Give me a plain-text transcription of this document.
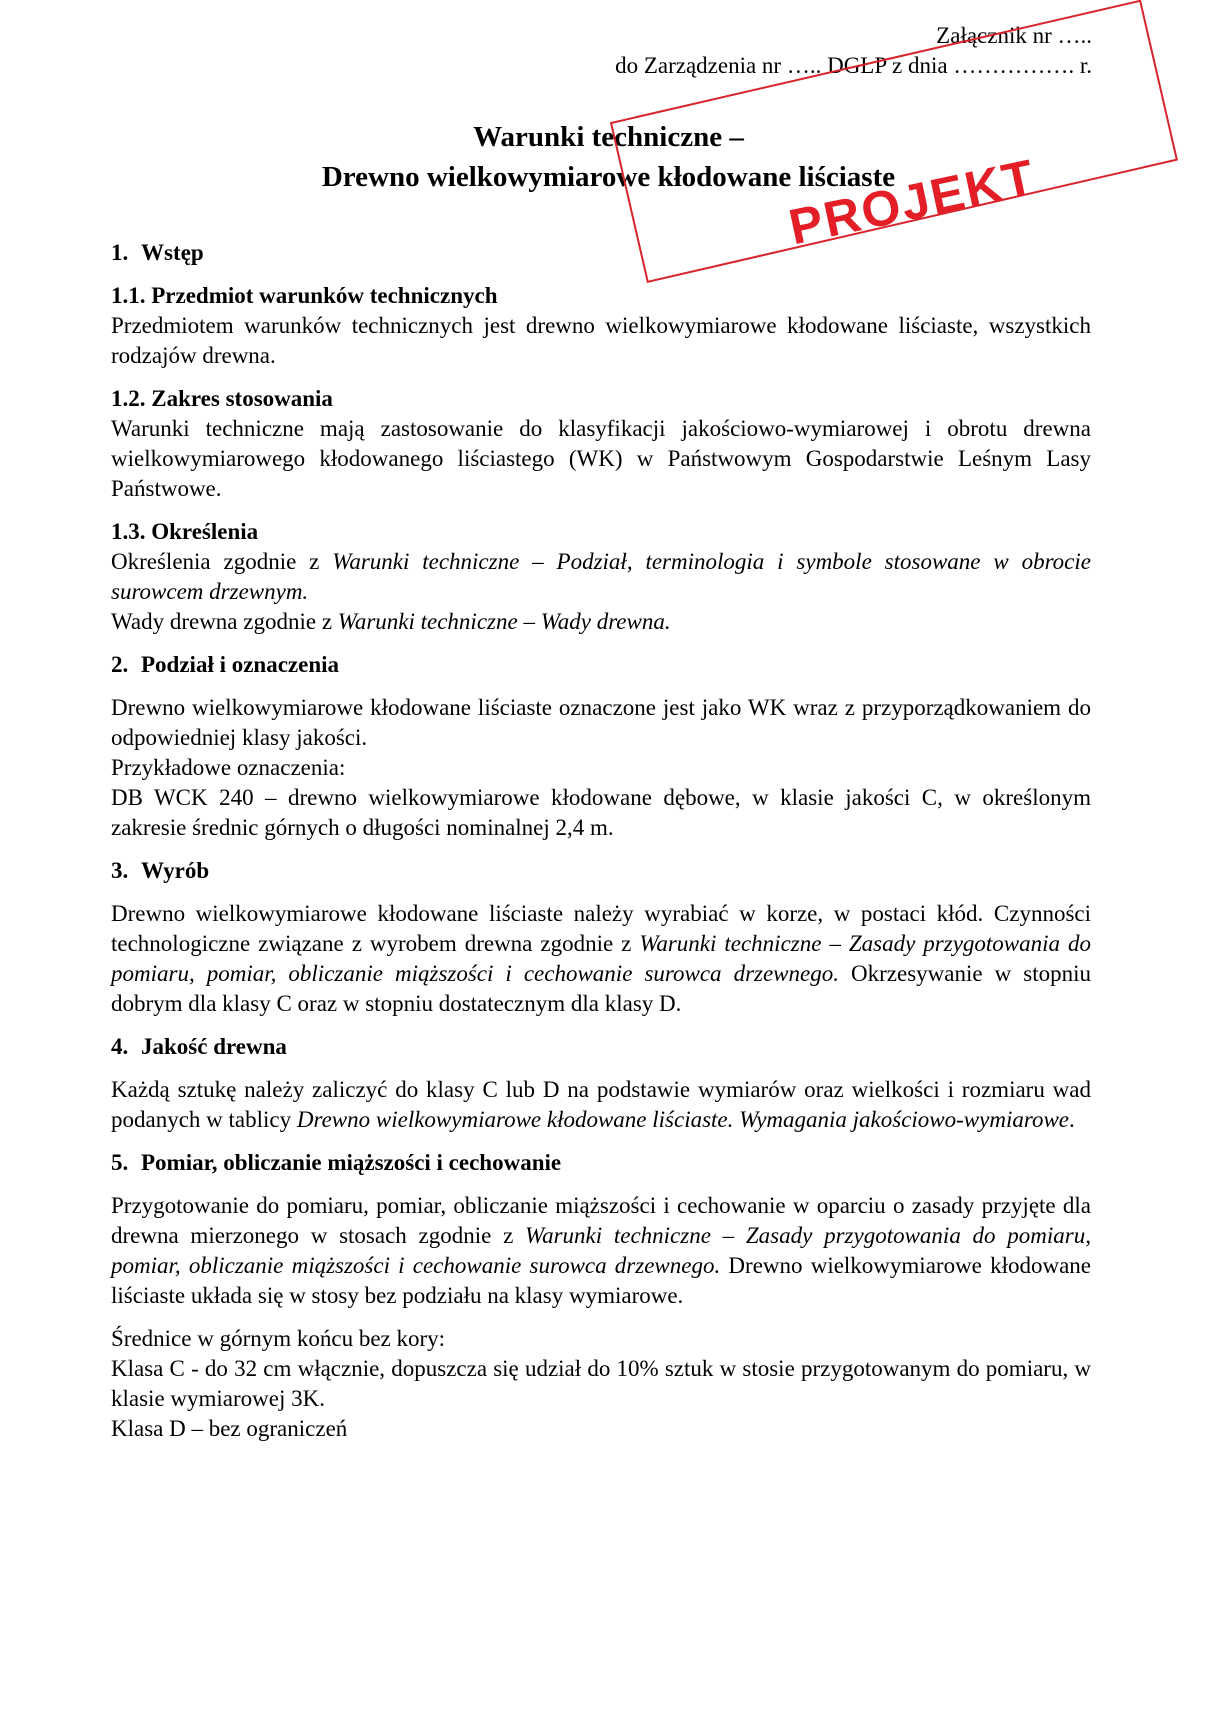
Załącznik nr …..
do Zarządzenia nr ….. DGLP z dnia ……………. r.
Warunki techniczne –
Drewno wielkowymiarowe kłodowane liściaste
1. Wstęp
1.1. Przedmiot warunków technicznych

Przedmiotem warunków technicznych jest drewno wielkowymiarowe kłodowane liściaste, wszystkich rodzajów drewna.

1.2. Zakres stosowania

Warunki techniczne mają zastosowanie do klasyfikacji jakościowo-wymiarowej i obrotu drewna wielkowymiarowego kłodowanego liściastego (WK) w Państwowym Gospodarstwie Leśnym Lasy Państwowe.

1.3. Określenia

Określenia zgodnie z Warunki techniczne – Podział, terminologia i symbole stosowane w obrocie surowcem drzewnym.

Wady drewna zgodnie z Warunki techniczne – Wady drewna.

2. Podział i oznaczenia

Drewno wielkowymiarowe kłodowane liściaste oznaczone jest jako WK wraz z przyporządkowaniem do odpowiedniej klasy jakości.

Przykładowe oznaczenia:

DB WCK 240 – drewno wielkowymiarowe kłodowane dębowe, w klasie jakości C, w określonym zakresie średnic górnych o długości nominalnej 2,4 m.

3. Wyrób

Drewno wielkowymiarowe kłodowane liściaste należy wyrabiać w korze, w postaci kłód. Czynności technologiczne związane z wyrobem drewna zgodnie z Warunki techniczne – Zasady przygotowania do pomiaru, pomiar, obliczanie miąższości i cechowanie surowca drzewnego. Okrzesywanie w stopniu dobrym dla klasy C oraz w stopniu dostatecznym dla klasy D.

4. Jakość drewna

Każdą sztukę należy zaliczyć do klasy C lub D na podstawie wymiarów oraz wielkości i rozmiaru wad podanych w tablicy Drewno wielkowymiarowe kłodowane liściaste. Wymagania jakościowo-wymiarowe.

5. Pomiar, obliczanie miąższości i cechowanie

Przygotowanie do pomiaru, pomiar, obliczanie miąższości i cechowanie w oparciu o zasady przyjęte dla drewna mierzonego w stosach zgodnie z Warunki techniczne – Zasady przygotowania do pomiaru, pomiar, obliczanie miąższości i cechowanie surowca drzewnego. Drewno wielkowymiarowe kłodowane liściaste układa się w stosy bez podziału na klasy wymiarowe.

Średnice w górnym końcu bez kory:

Klasa C - do 32 cm włącznie, dopuszcza się udział do 10% sztuk w stosie przygotowanym do pomiaru, w klasie wymiarowej 3K.

Klasa D – bez ograniczeń

PROJEKT
